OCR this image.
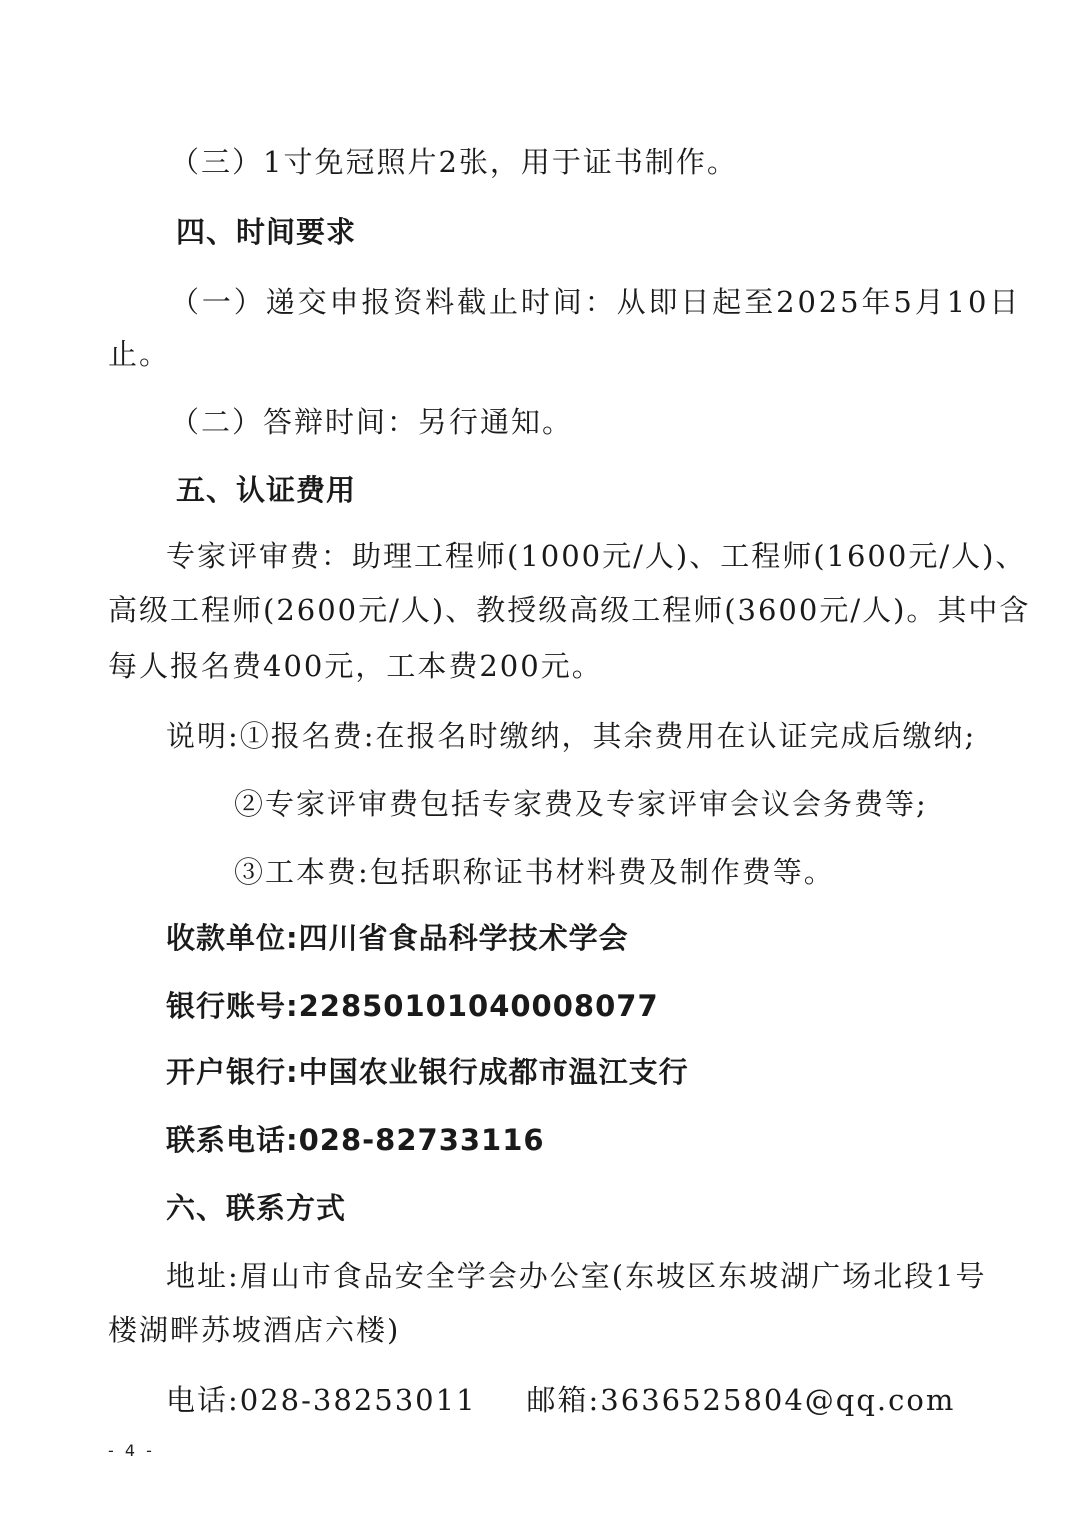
（三）1寸免冠照片2张，用于证书制作。

四、时间要求

（一）递交申报资料截止时间：从即日起至2025年5月10日

止。

（二）答辩时间：另行通知。

五、认证费用

专家评审费：助理工程师(1000元/人)、工程师(1600元/人)、

高级工程师(2600元/人)、教授级高级工程师(3600元/人)。其中含

每人报名费400元，工本费200元。

说明:①报名费:在报名时缴纳，其余费用在认证完成后缴纳;

②专家评审费包括专家费及专家评审会议会务费等;

③工本费:包括职称证书材料费及制作费等。

收款单位:四川省食品科学技术学会

银行账号:22850101040008077

开户银行:中国农业银行成都市温江支行

联系电话:028-82733116

六、联系方式

地址:眉山市食品安全学会办公室(东坡区东坡湖广场北段1号

楼湖畔苏坡酒店六楼)

电话:028-38253011 邮箱:3636525804@qq.com

- 4 -
